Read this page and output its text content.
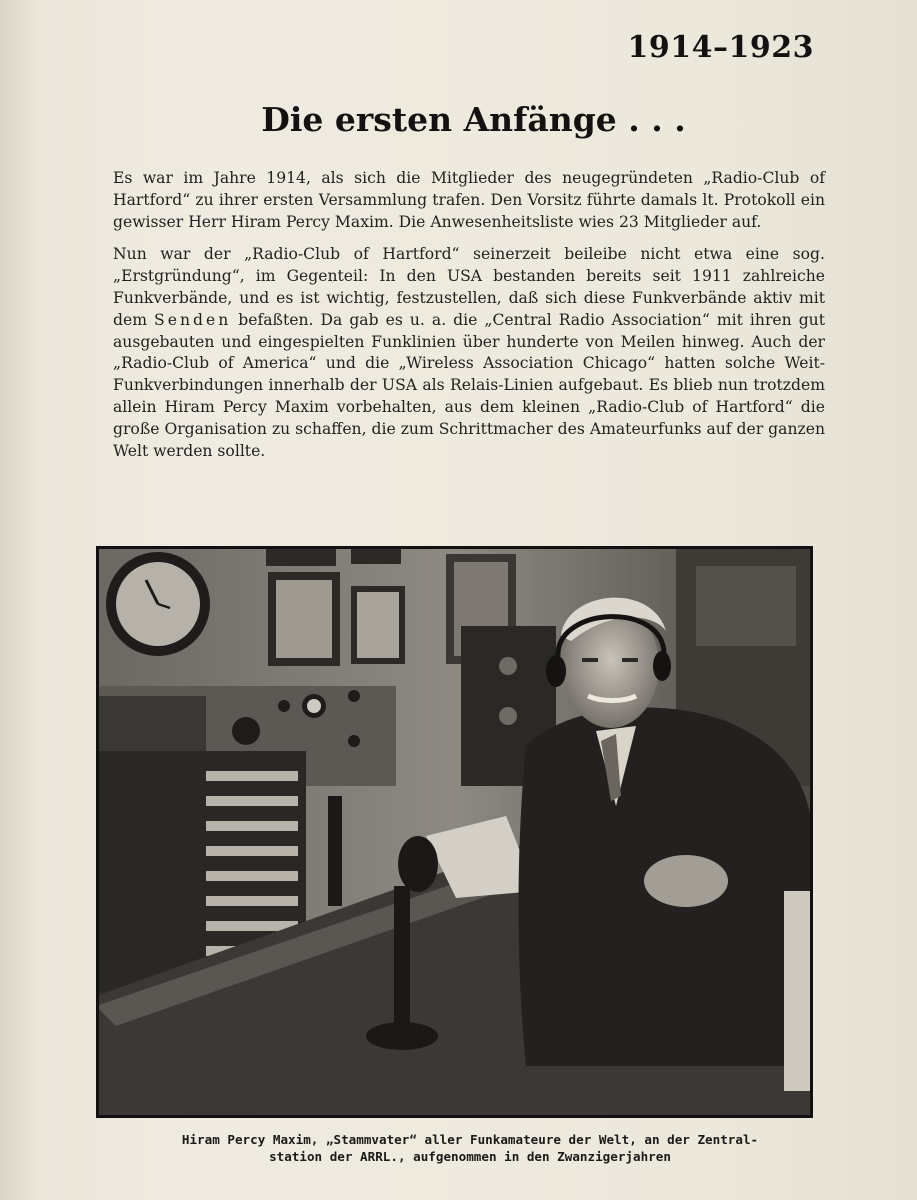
1914–1923
Die ersten Anfänge . . .

Es war im Jahre 1914, als sich die Mitglieder des neugegründeten „Radio-Club of Hartford“ zu ihrer ersten Versammlung trafen. Den Vorsitz führte damals lt. Protokoll ein gewisser Herr Hiram Percy Maxim. Die Anwesenheitsliste wies 23 Mitglieder auf.

Nun war der „Radio-Club of Hartford“ seinerzeit beileibe nicht etwa eine sog. „Erstgründung“, im Gegenteil: In den USA bestanden bereits seit 1911 zahlreiche Funkverbände, und es ist wichtig, festzustellen, daß sich diese Funkverbände aktiv mit dem Senden befaßten. Da gab es u. a. die „Central Radio Association“ mit ihren gut ausgebauten und eingespielten Funklinien über hunderte von Meilen hinweg. Auch der „Radio-Club of America“ und die „Wireless Association Chicago“ hatten solche Weit-Funkverbindungen innerhalb der USA als Relais-Linien aufgebaut. Es blieb nun trotzdem allein Hiram Percy Maxim vorbehalten, aus dem kleinen „Radio-Club of Hartford“ die große Organisation zu schaffen, die zum Schrittmacher des Amateurfunks auf der ganzen Welt werden sollte.

Hiram Percy Maxim, „Stammvater“ aller Funkamateure der Welt, an der Zentral-
station der ARRL., aufgenommen in den Zwanzigerjahren
